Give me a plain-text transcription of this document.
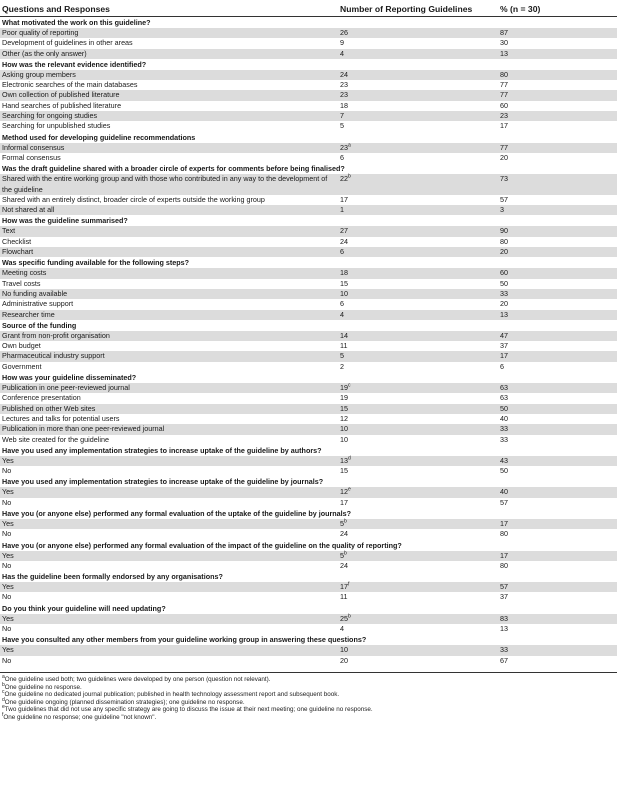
Questions and Responses	Number of Reporting Guidelines	% (n = 30)
What motivated the work on this guideline?		
Poor quality of reporting	26	87
Development of guidelines in other areas	9	30
Other (as the only answer)	4	13
How was the relevant evidence identified?		
Asking group members	24	80
Electronic searches of the main databases	23	77
Own collection of published literature	23	77
Hand searches of published literature	18	60
Searching for ongoing studies	7	23
Searching for unpublished studies	5	17
Method used for developing guideline recommendations		
Informal consensus	23$^a$	77
Formal consensus	6	20
Was the draft guideline shared with a broader circle of experts for comments before being finalised?		
Shared with the entire working group and with those who contributed in any way to the development of the guideline	22$^b$	73
Shared with an entirely distinct, broader circle of experts outside the working group	17	57
Not shared at all	1	3
How was the guideline summarised?		
Text	27	90
Checklist	24	80
Flowchart	6	20
Was specific funding available for the following steps?		
Meeting costs	18	60
Travel costs	15	50
No funding available	10	33
Administrative support	6	20
Researcher time	4	13
Source of the funding		
Grant from non-profit organisation	14	47
Own budget	11	37
Pharmaceutical industry support	5	17
Government	2	6
How was your guideline disseminated?		
Publication in one peer-reviewed journal	19$^c$	63
Conference presentation	19	63
Published on other Web sites	15	50
Lectures and talks for potential users	12	40
Publication in more than one peer-reviewed journal	10	33
Web site created for the guideline	10	33
Have you used any implementation strategies to increase uptake of the guideline by authors?		
Yes	13$^d$	43
No	15	50
Have you used any implementation strategies to increase uptake of the guideline by journals?		
Yes	12e	40
No	17	57
Have you (or anyone else) performed any formal evaluation of the uptake of the guideline by journals?		
Yes	5$^b$	17
No	24	80
Have you (or anyone else) performed any formal evaluation of the impact of the guideline on the quality of reporting?		
Yes	5$^b$	17
No	24	80
Has the guideline been formally endorsed by any organisations?		
Yes	17$^f$	57
No	11	37
Do you think your guideline will need updating?		
Yes	25$^b$	83
No	4	13
Have you consulted any other members from your guideline working group in answering these questions?		
Yes	10	33
No	20	67
$^a$One guideline used both; two guidelines were developed by one person (question not relevant).
$^b$One guideline no response.
$^c$One guideline no dedicated journal publication; published in health technology assessment report and subsequent book.
$^d$One guideline ongoing (planned dissemination strategies); one guideline no response.
$^e$Two guidelines that did not use any specific strategy are going to discuss the issue at their next meeting; one guideline no response.
$^f$One guideline no response; one guideline "not known".
